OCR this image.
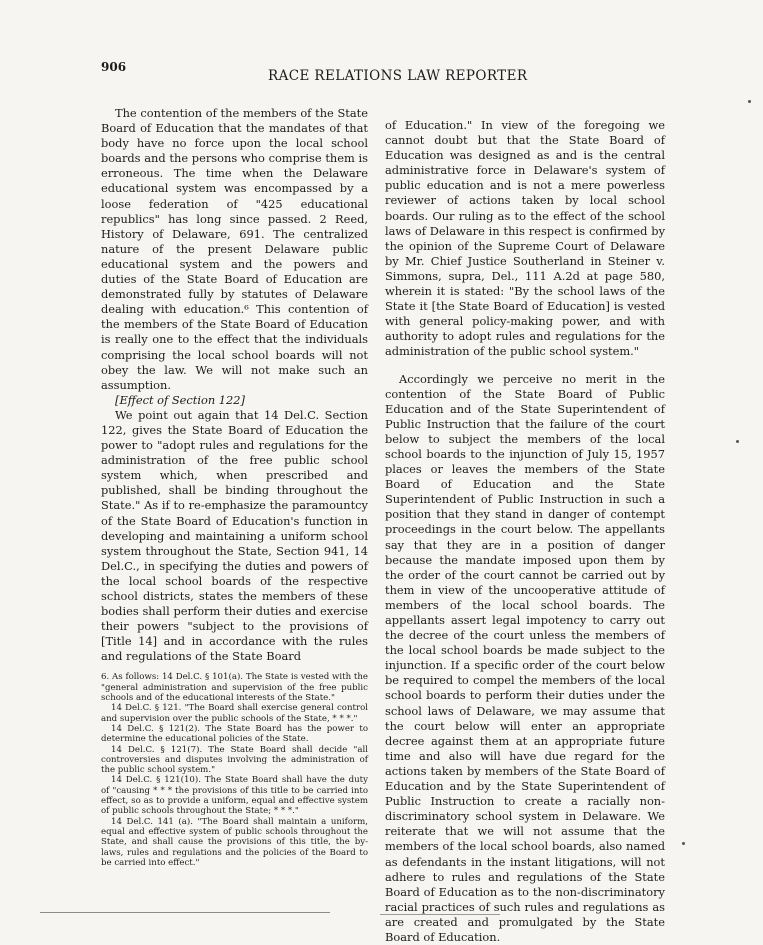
906
RACE RELATIONS LAW REPORTER

The contention of the members of the State Board of Education that the mandates of that body have no force upon the local school boards and the persons who comprise them is erroneous. The time when the Delaware educational system was encompassed by a loose federation of "425 educational republics" has long since passed. 2 Reed, History of Delaware, 691. The centralized nature of the present Delaware public educational system and the powers and duties of the State Board of Education are demonstrated fully by statutes of Delaware dealing with education.⁶ This contention of the members of the State Board of Education is really one to the effect that the individuals comprising the local school boards will not obey the law. We will not make such an assumption.

[Effect of Section 122]

We point out again that 14 Del.C. Section 122, gives the State Board of Education the power to "adopt rules and regulations for the administration of the free public school system which, when prescribed and published, shall be binding throughout the State." As if to re-emphasize the paramountcy of the State Board of Education's function in developing and maintaining a uniform school system throughout the State, Section 941, 14 Del.C., in specifying the duties and powers of the local school boards of the respective school districts, states the members of these bodies shall perform their duties and exercise their powers "subject to the provisions of [Title 14] and in accordance with the rules and regulations of the State Board

6. As follows: 14 Del.C. § 101(a). The State is vested with the "general administration and supervision of the free public schools and of the educational interests of the State."

14 Del.C. § 121. "The Board shall exercise general control and supervision over the public schools of the State, * * *."

14 Del.C. § 121(2). The State Board has the power to determine the educational policies of the State.

14 Del.C. § 121(7). The State Board shall decide "all controversies and disputes involving the administration of the public school system."

14 Del.C. § 121(10). The State Board shall have the duty of "causing * * * the provisions of this title to be carried into effect, so as to provide a uniform, equal and effective system of public schools throughout the State; * * *."

14 Del.C. 141 (a). "The Board shall maintain a uniform, equal and effective system of public schools throughout the State, and shall cause the provisions of this title, the by-laws, rules and regulations and the policies of the Board to be carried into effect."

of Education." In view of the foregoing we cannot doubt but that the State Board of Education was designed as and is the central administrative force in Delaware's system of public education and is not a mere powerless reviewer of actions taken by local school boards. Our ruling as to the effect of the school laws of Delaware in this respect is confirmed by the opinion of the Supreme Court of Delaware by Mr. Chief Justice Southerland in Steiner v. Simmons, supra, Del., 111 A.2d at page 580, wherein it is stated: "By the school laws of the State it [the State Board of Education] is vested with general policy-making power, and with authority to adopt rules and regulations for the administration of the public school system."

Accordingly we perceive no merit in the contention of the State Board of Public Education and of the State Superintendent of Public Instruction that the failure of the court below to subject the members of the local school boards to the injunction of July 15, 1957 places or leaves the members of the State Board of Education and the State Superintendent of Public Instruction in such a position that they stand in danger of contempt proceedings in the court below. The appellants say that they are in a position of danger because the mandate imposed upon them by the order of the court cannot be carried out by them in view of the uncooperative attitude of members of the local school boards. The appellants assert legal impotency to carry out the decree of the court unless the members of the local school boards be made subject to the injunction. If a specific order of the court below be required to compel the members of the local school boards to perform their duties under the school laws of Delaware, we may assume that the court below will enter an appropriate decree against them at an appropriate future time and also will have due regard for the actions taken by members of the State Board of Education and by the State Superintendent of Public Instruction to create a racially non-discriminatory school system in Delaware. We reiterate that we will not assume that the members of the local school boards, also named as defendants in the instant litigations, will not adhere to rules and regulations of the State Board of Education as to the non-discriminatory racial practices of such rules and regulations as are created and promulgated by the State Board of Education.
